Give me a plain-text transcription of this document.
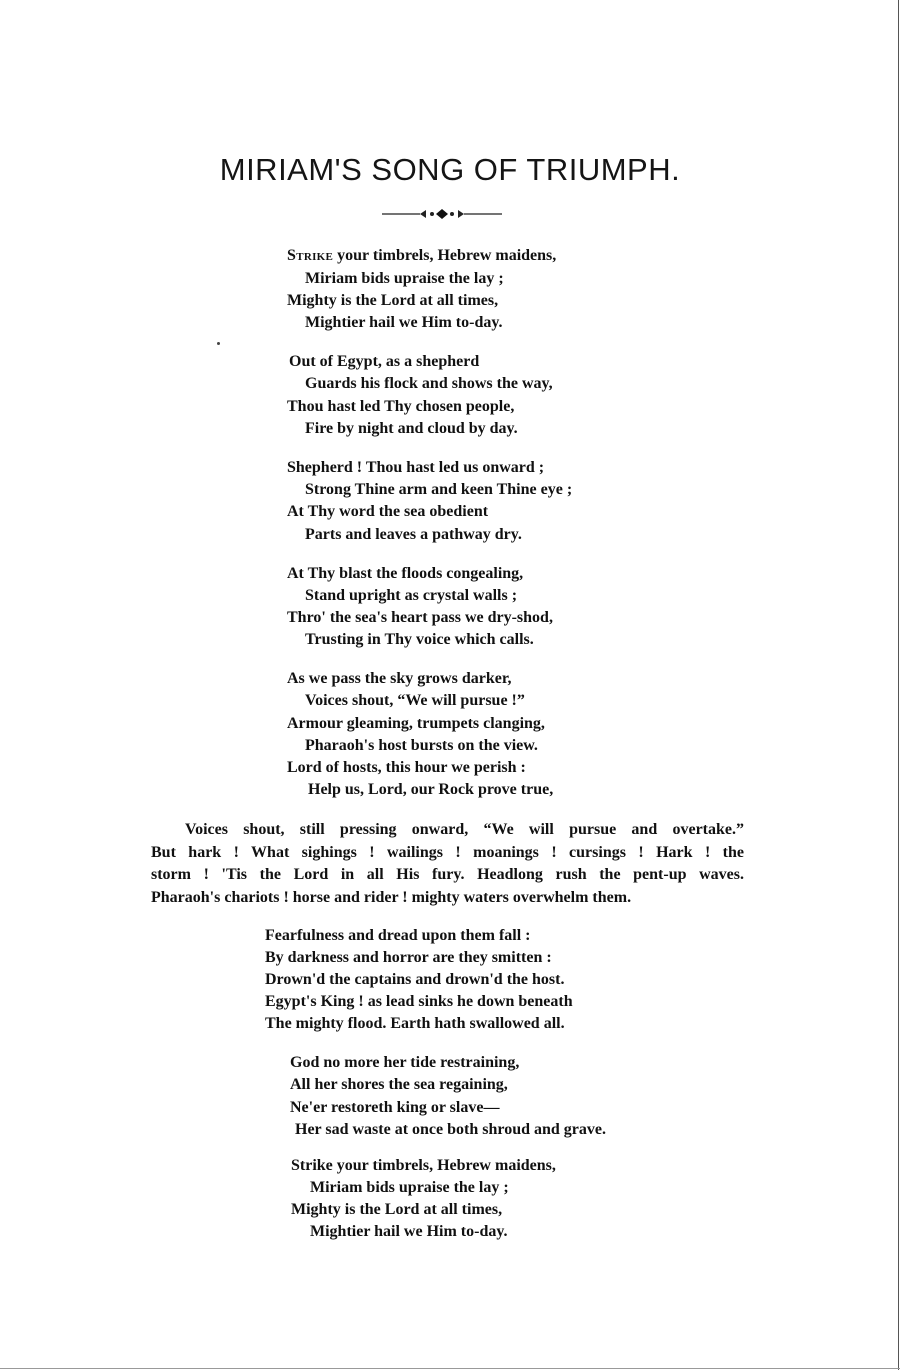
MIRIAM'S SONG OF TRIUMPH.
Strike your timbrels, Hebrew maidens,
Miriam bids upraise the lay ;
Mighty is the Lord at all times,
Mightier hail we Him to-day.
Out of Egypt, as a shepherd
Guards his flock and shows the way,
Thou hast led Thy chosen people,
Fire by night and cloud by day.
Shepherd ! Thou hast led us onward ;
Strong Thine arm and keen Thine eye ;
At Thy word the sea obedient
Parts and leaves a pathway dry.
At Thy blast the floods congealing,
Stand upright as crystal walls ;
Thro' the sea's heart pass we dry-shod,
Trusting in Thy voice which calls.
As we pass the sky grows darker,
Voices shout, “We will pursue !”
Armour gleaming, trumpets clanging,
Pharaoh's host bursts on the view.
Lord of hosts, this hour we perish :
Help us, Lord, our Rock prove true,
Voices shout, still pressing onward, “We will pursue and overtake.”
But hark ! What sighings ! wailings ! moanings ! cursings ! Hark ! the
storm ! 'Tis the Lord in all His fury. Headlong rush the pent-up waves.
Pharaoh's chariots ! horse and rider ! mighty waters overwhelm them.
Fearfulness and dread upon them fall :
By darkness and horror are they smitten :
Drown'd the captains and drown'd the host.
Egypt's King ! as lead sinks he down beneath
The mighty flood. Earth hath swallowed all.
God no more her tide restraining,
All her shores the sea regaining,
Ne'er restoreth king or slave—
Her sad waste at once both shroud and grave.
Strike your timbrels, Hebrew maidens,
Miriam bids upraise the lay ;
Mighty is the Lord at all times,
Mightier hail we Him to-day.
